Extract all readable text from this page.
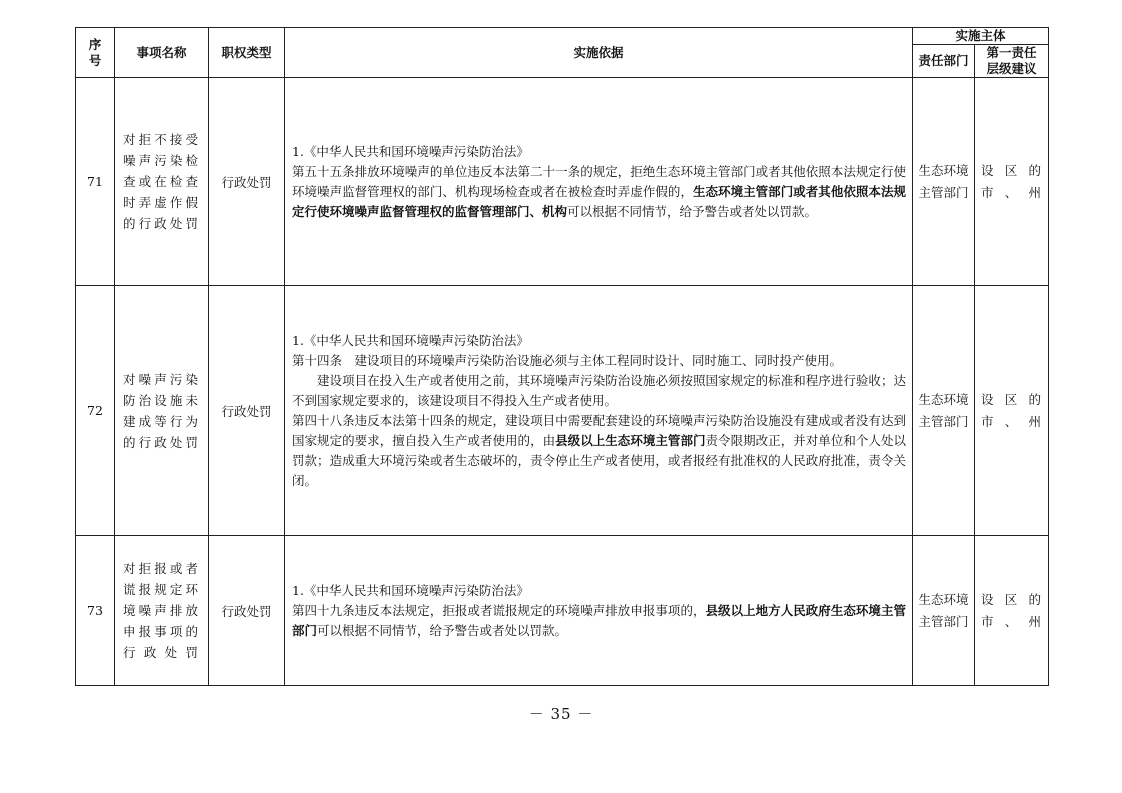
序号	事项名称	职权类型	实施依据	实施主体	
				责任部门	第一责任
层级建议

71	对拒不接受噪声污染检查或在检查时弄虚作假的行政处罚	行政处罚	1.《中华人民共和国环境噪声污染防治法》
第五十五条排放环境噪声的单位违反本法第二十一条的规定，拒绝生态环境主管部门或者其他依照本法规定行使环境噪声监督管理权的部门、机构现场检查或者在被检查时弄虚作假的，生态环境主管部门或者其他依照本法规定行使环境噪声监督管理权的监督管理部门、机构可以根据不同情节，给予警告或者处以罚款。	生态环境主管部门	设区的市、州
72	对噪声污染防治设施未建成等行为的行政处罚	行政处罚	1.《中华人民共和国环境噪声污染防治法》
第十四条　建设项目的环境噪声污染防治设施必须与主体工程同时设计、同时施工、同时投产使用。
建设项目在投入生产或者使用之前，其环境噪声污染防治设施必须按照国家规定的标准和程序进行验收；达不到国家规定要求的，该建设项目不得投入生产或者使用。
第四十八条违反本法第十四条的规定，建设项目中需要配套建设的环境噪声污染防治设施没有建成或者没有达到国家规定的要求，擅自投入生产或者使用的，由县级以上生态环境主管部门责令限期改正，并对单位和个人处以罚款；造成重大环境污染或者生态破坏的，责令停止生产或者使用，或者报经有批准权的人民政府批准，责令关闭。	生态环境主管部门	设区的市、州
73	对拒报或者谎报规定环境噪声排放申报事项的行政处罚	行政处罚	1.《中华人民共和国环境噪声污染防治法》
第四十九条违反本法规定，拒报或者谎报规定的环境噪声排放申报事项的，县级以上地方人民政府生态环境主管部门可以根据不同情节，给予警告或者处以罚款。	生态环境主管部门	设区的市、州
－ 35 －
